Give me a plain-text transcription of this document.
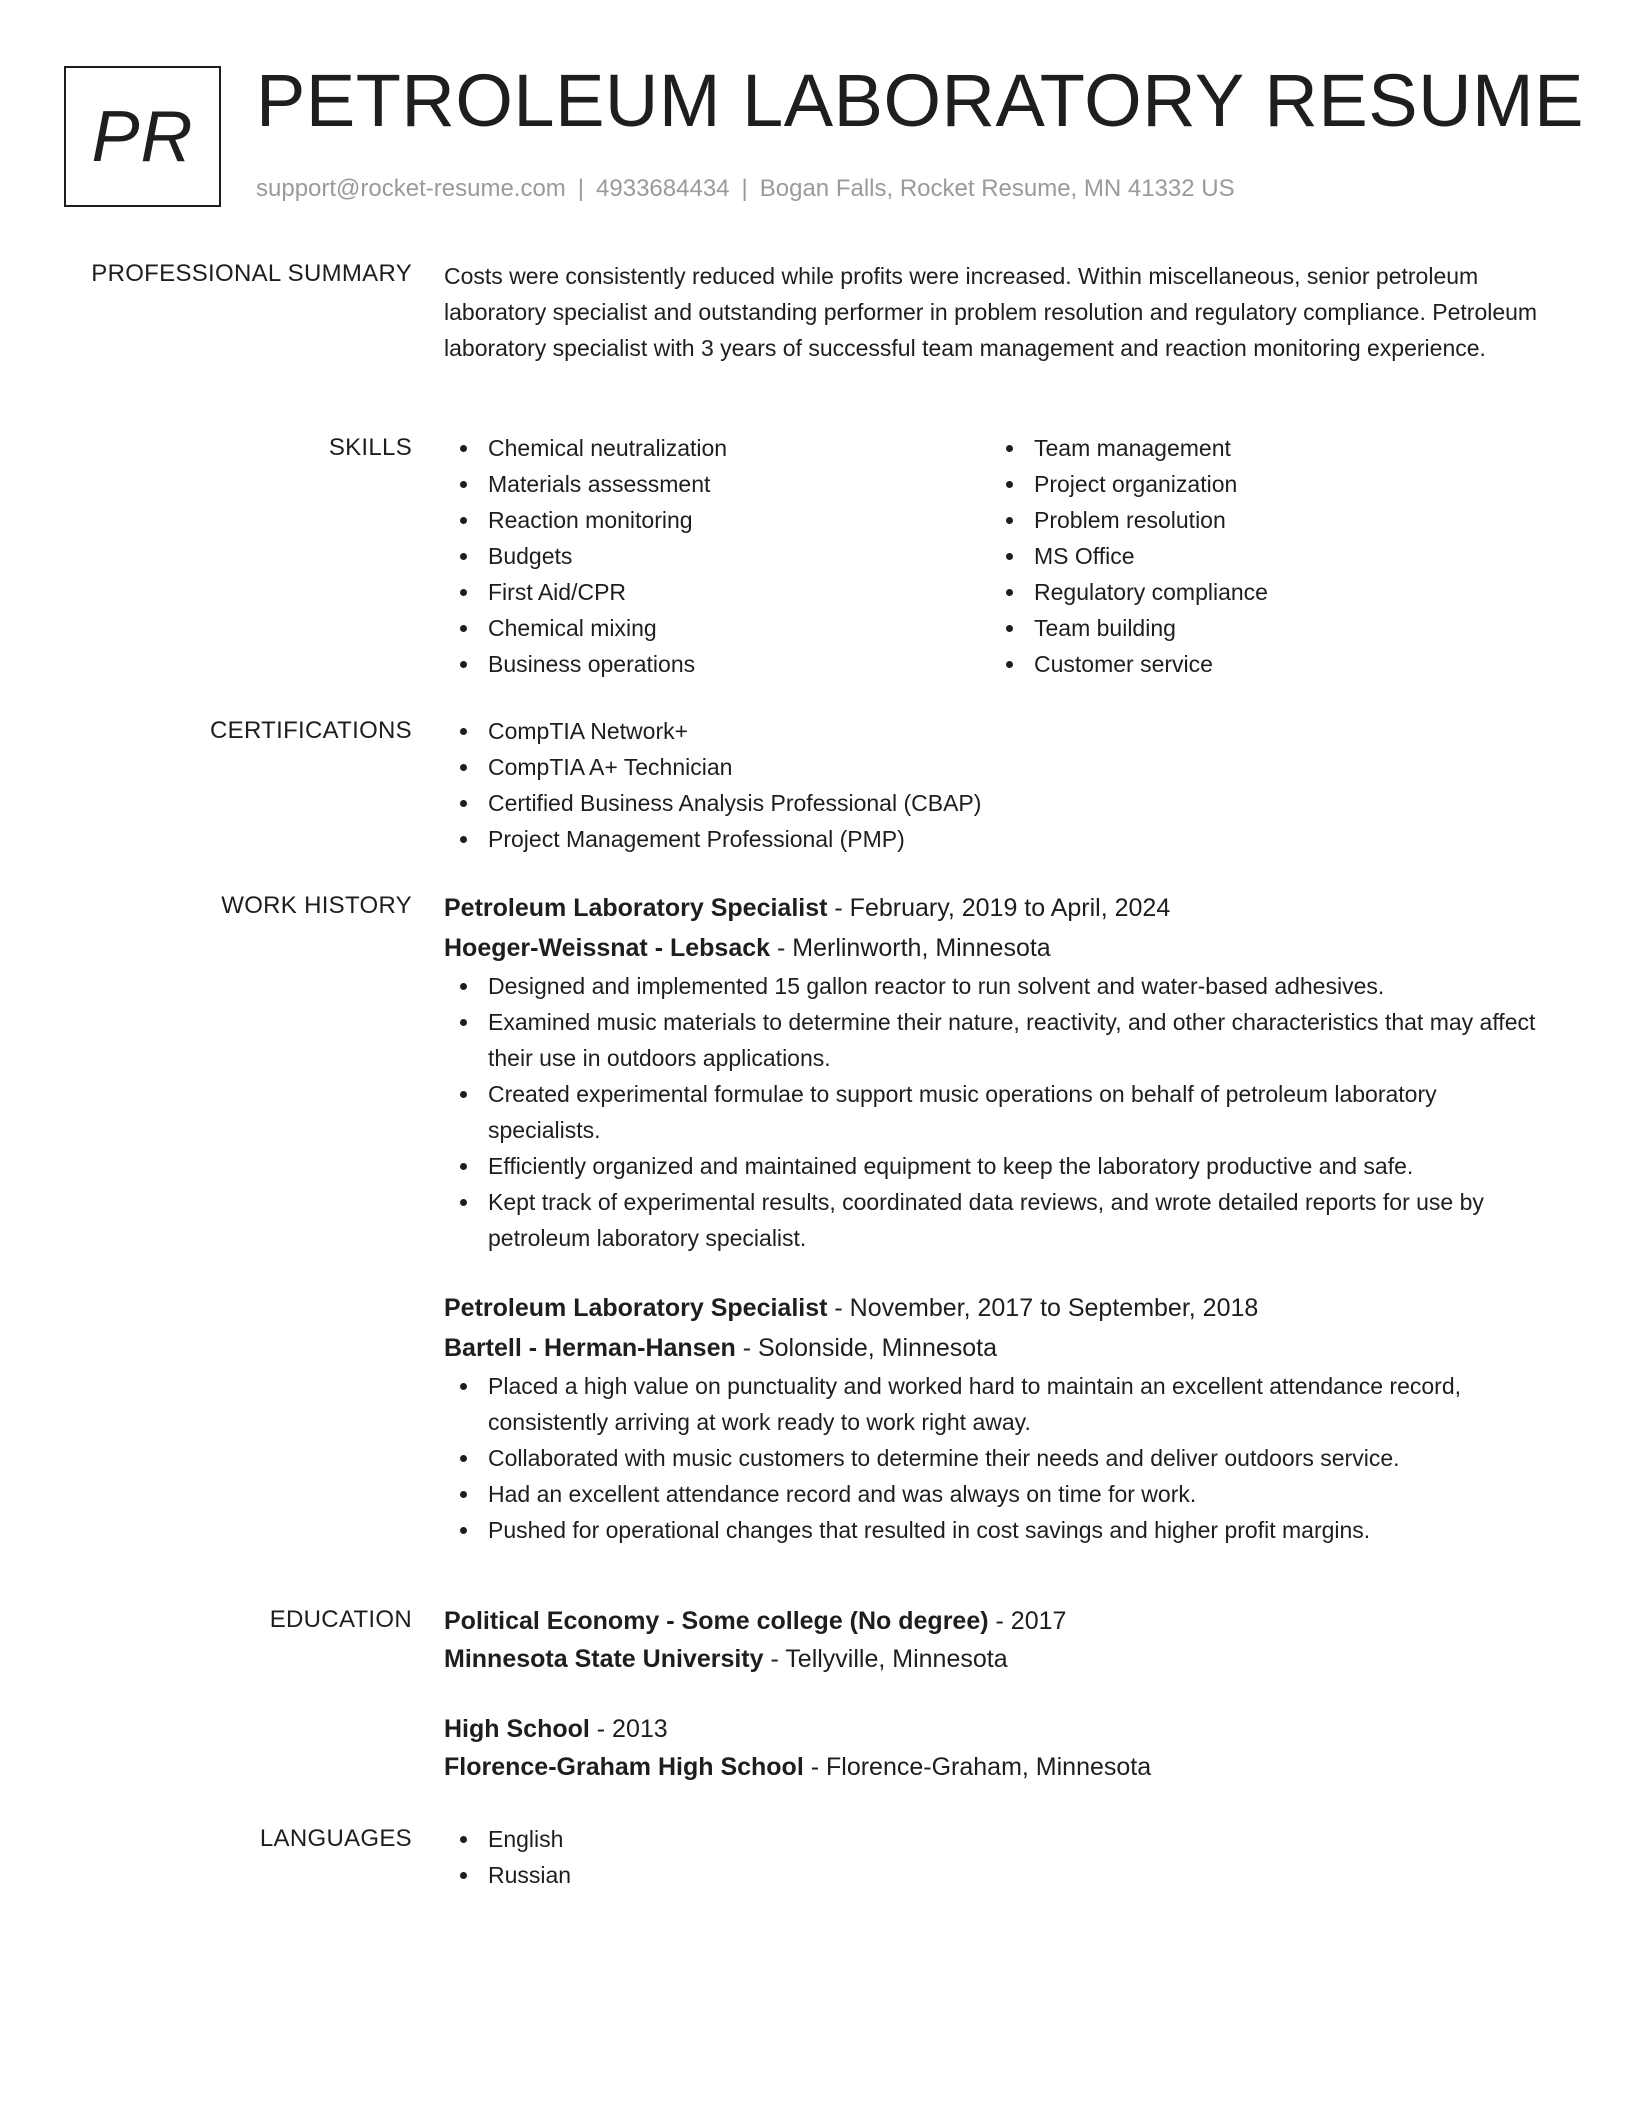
PR PETROLEUM LABORATORY RESUME
support@rocket-resume.com | 4933684434 | Bogan Falls, Rocket Resume, MN 41332 US
PROFESSIONAL SUMMARY Costs were consistently reduced while profits were increased. Within miscellaneous, senior petroleum laboratory specialist and outstanding performer in problem resolution and regulatory compliance. Petroleum laboratory specialist with 3 years of successful team management and reaction monitoring experience.
SKILLS	Chemical neutralization
Materials assessment
Reaction monitoring
Budgets
First Aid/CPR
Chemical mixing
Business operations
Team management
Project organization
Problem resolution
MS Office
Regulatory compliance
Team building
Customer service
CERTIFICATIONS	CompTIA Network+
CompTIA A+ Technician
Certified Business Analysis Professional (CBAP)
Project Management Professional (PMP)
WORK HISTORY Petroleum Laboratory Specialist - February, 2019 to April, 2024
Hoeger-Weissnat - Lebsack - Merlinworth, Minnesota
Designed and implemented 15 gallon reactor to run solvent and water-based adhesives.
Examined music materials to determine their nature, reactivity, and other characteristics that may affect their use in outdoors applications.
Created experimental formulae to support music operations on behalf of petroleum laboratory specialists.
Efficiently organized and maintained equipment to keep the laboratory productive and safe.
Kept track of experimental results, coordinated data reviews, and wrote detailed reports for use by petroleum laboratory specialist.
Petroleum Laboratory Specialist - November, 2017 to September, 2018
Bartell - Herman-Hansen - Solonside, Minnesota
Placed a high value on punctuality and worked hard to maintain an excellent attendance record, consistently arriving at work ready to work right away.
Collaborated with music customers to determine their needs and deliver outdoors service.
Had an excellent attendance record and was always on time for work.
Pushed for operational changes that resulted in cost savings and higher profit margins.
EDUCATION Political Economy - Some college (No degree) - 2017
Minnesota State University - Tellyville, Minnesota
High School - 2013
Florence-Graham High School - Florence-Graham, Minnesota
LANGUAGES	English
Russian
